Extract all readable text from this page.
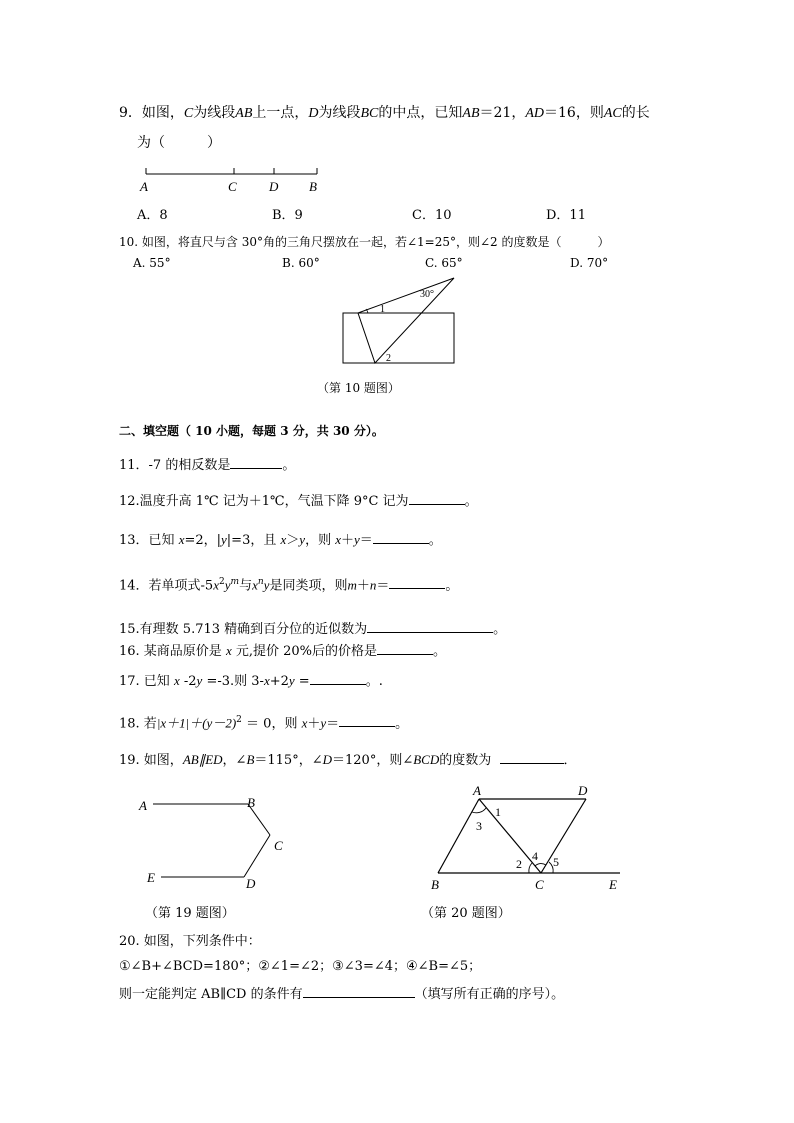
9．如图，C为线段AB上一点，D为线段BC的中点，已知AB＝21，AD＝16，则AC的长
为（　　　）
A	C D B
A．8	B．9	C．10	D．11
10. 如图，将直尺与含 30°角的三角尺摆放在一起，若∠1=25°，则∠2 的度数是（　　　）
A. 55°	B. 60°	C. 65°	D. 70°
1
30°
2
（第 10 题图）
二、填空题（ 10 小题，每题 3 分，共 30 分）。
11．-7 的相反数是	。
12.温度升高 1℃ 记为＋1℃，气温下降 9°C 记为	。
13．已知 x=2，|y|=3，且 x＞y，则 x＋y＝	。
14．若单项式$-5x^2y^m$与$x^ny$是同类项，则m＋n＝	。
15.有理数 5.713 精确到百分位的近似数为	。
16. 某商品原价是 x 元,提价 20%后的价格是	。
17. 已知 x -2y =-3.则 3-x+2y =	。.
18. 若$|x+1|+(y-2)^2 = 0$，则 x＋y＝	。
19. 如图，AB∥ED，∠B＝115°，∠D＝120°，则∠BCD的度数为	．
A	B
C
E	D
（第 19 题图）
A	D
1
3
2
4 5
B	C	E
（第 20 题图）
20. 如图，下列条件中：
①∠B+∠BCD=180°；②∠1=∠2；③∠3=∠4；④∠B=∠5；
则一定能判定 AB∥CD 的条件有	（填写所有正确的序号）。
